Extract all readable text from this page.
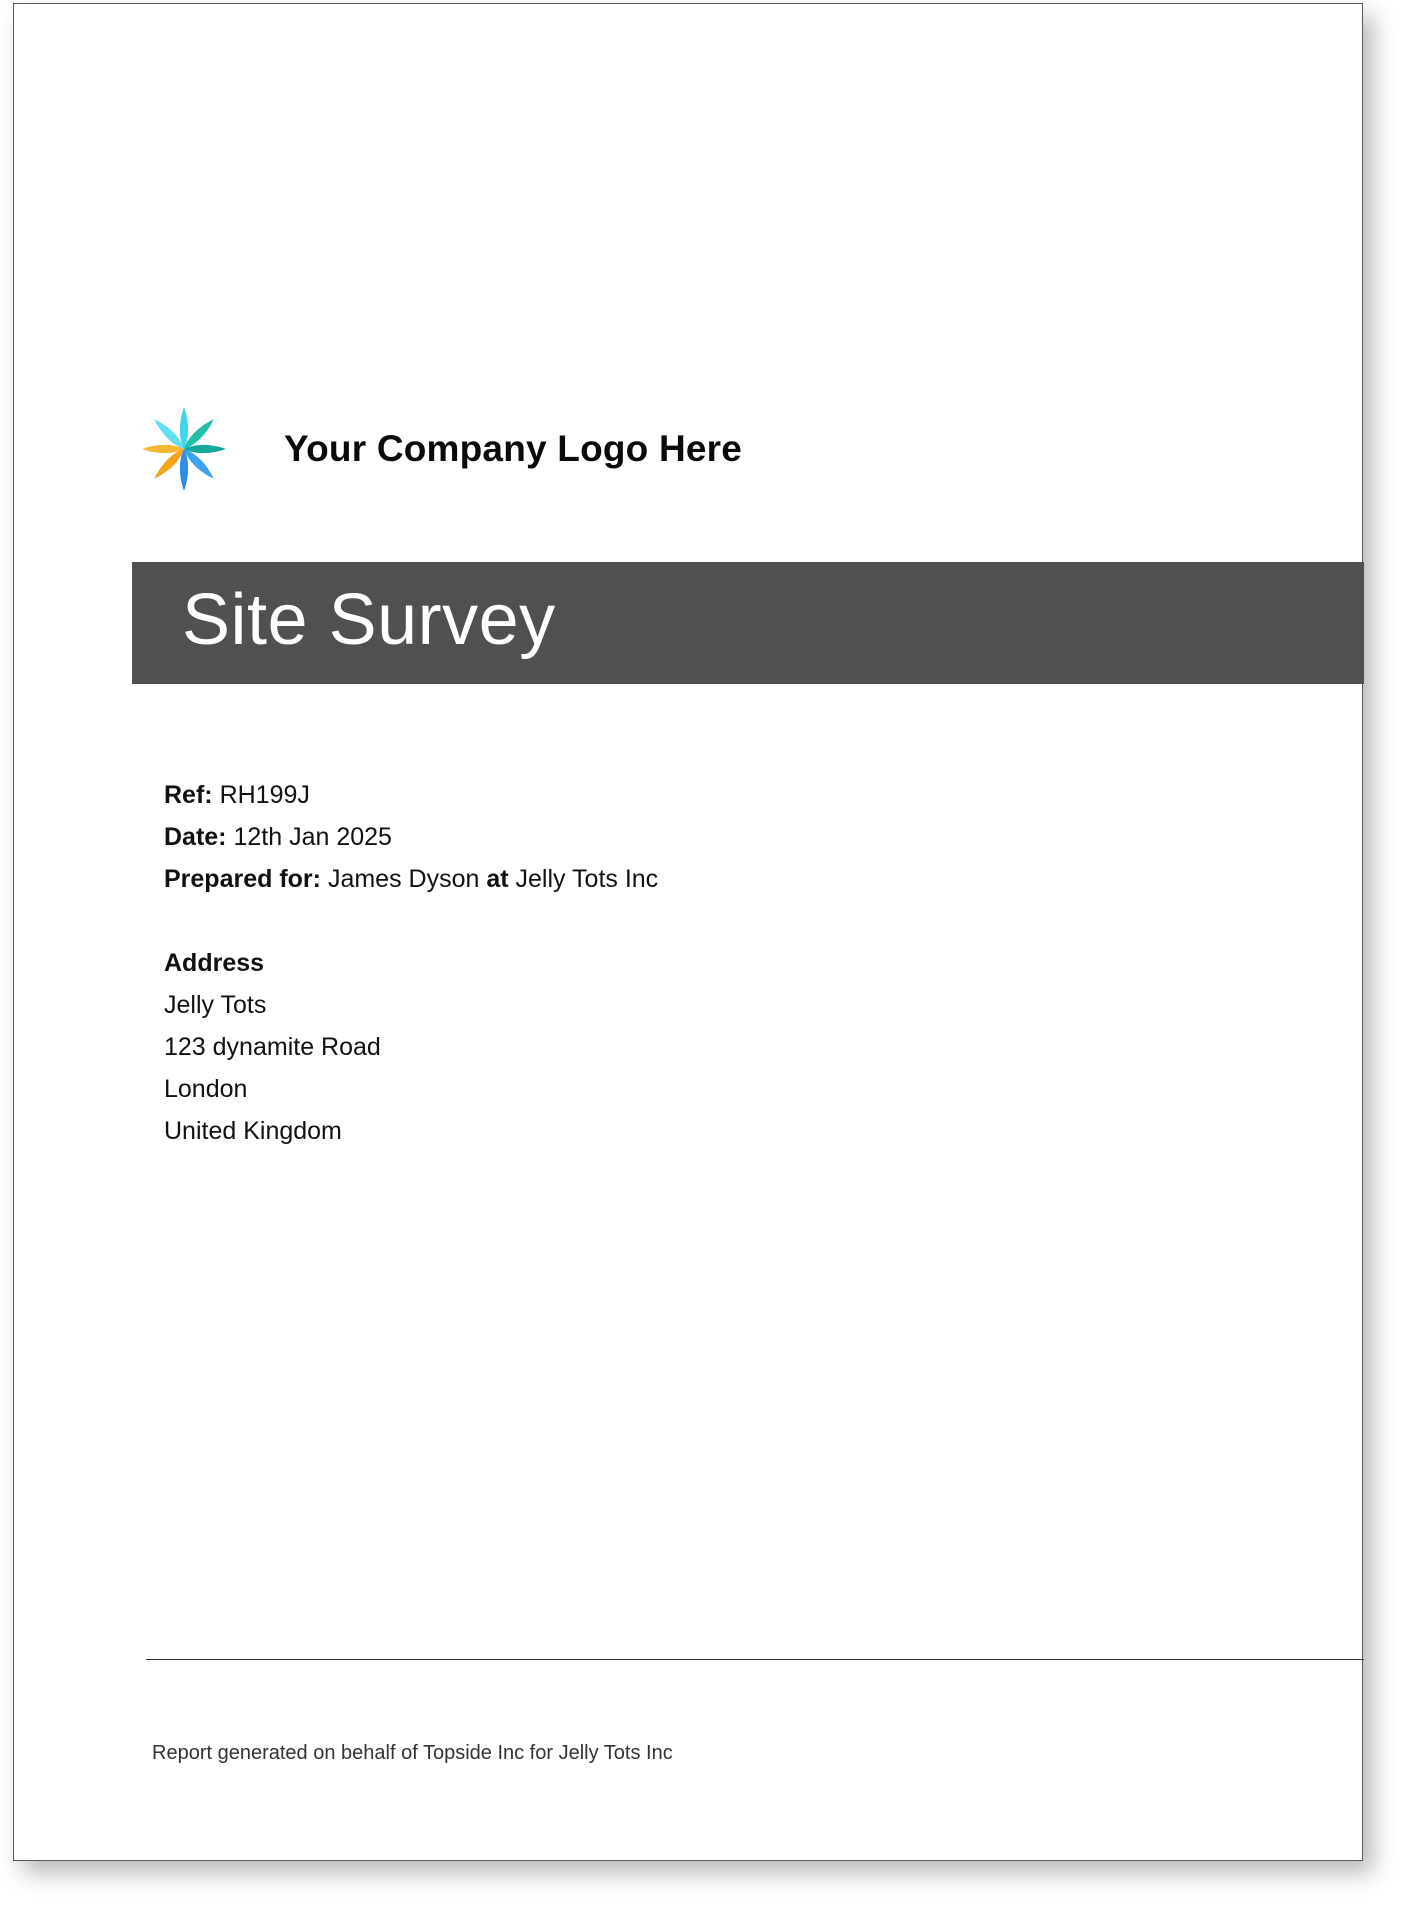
Your Company Logo Here
Site Survey
Ref: RH199J
Date: 12th Jan 2025
Prepared for: James Dyson at Jelly Tots Inc
Address
Jelly Tots
123 dynamite Road
London
United Kingdom
Report generated on behalf of Topside Inc for Jelly Tots Inc
